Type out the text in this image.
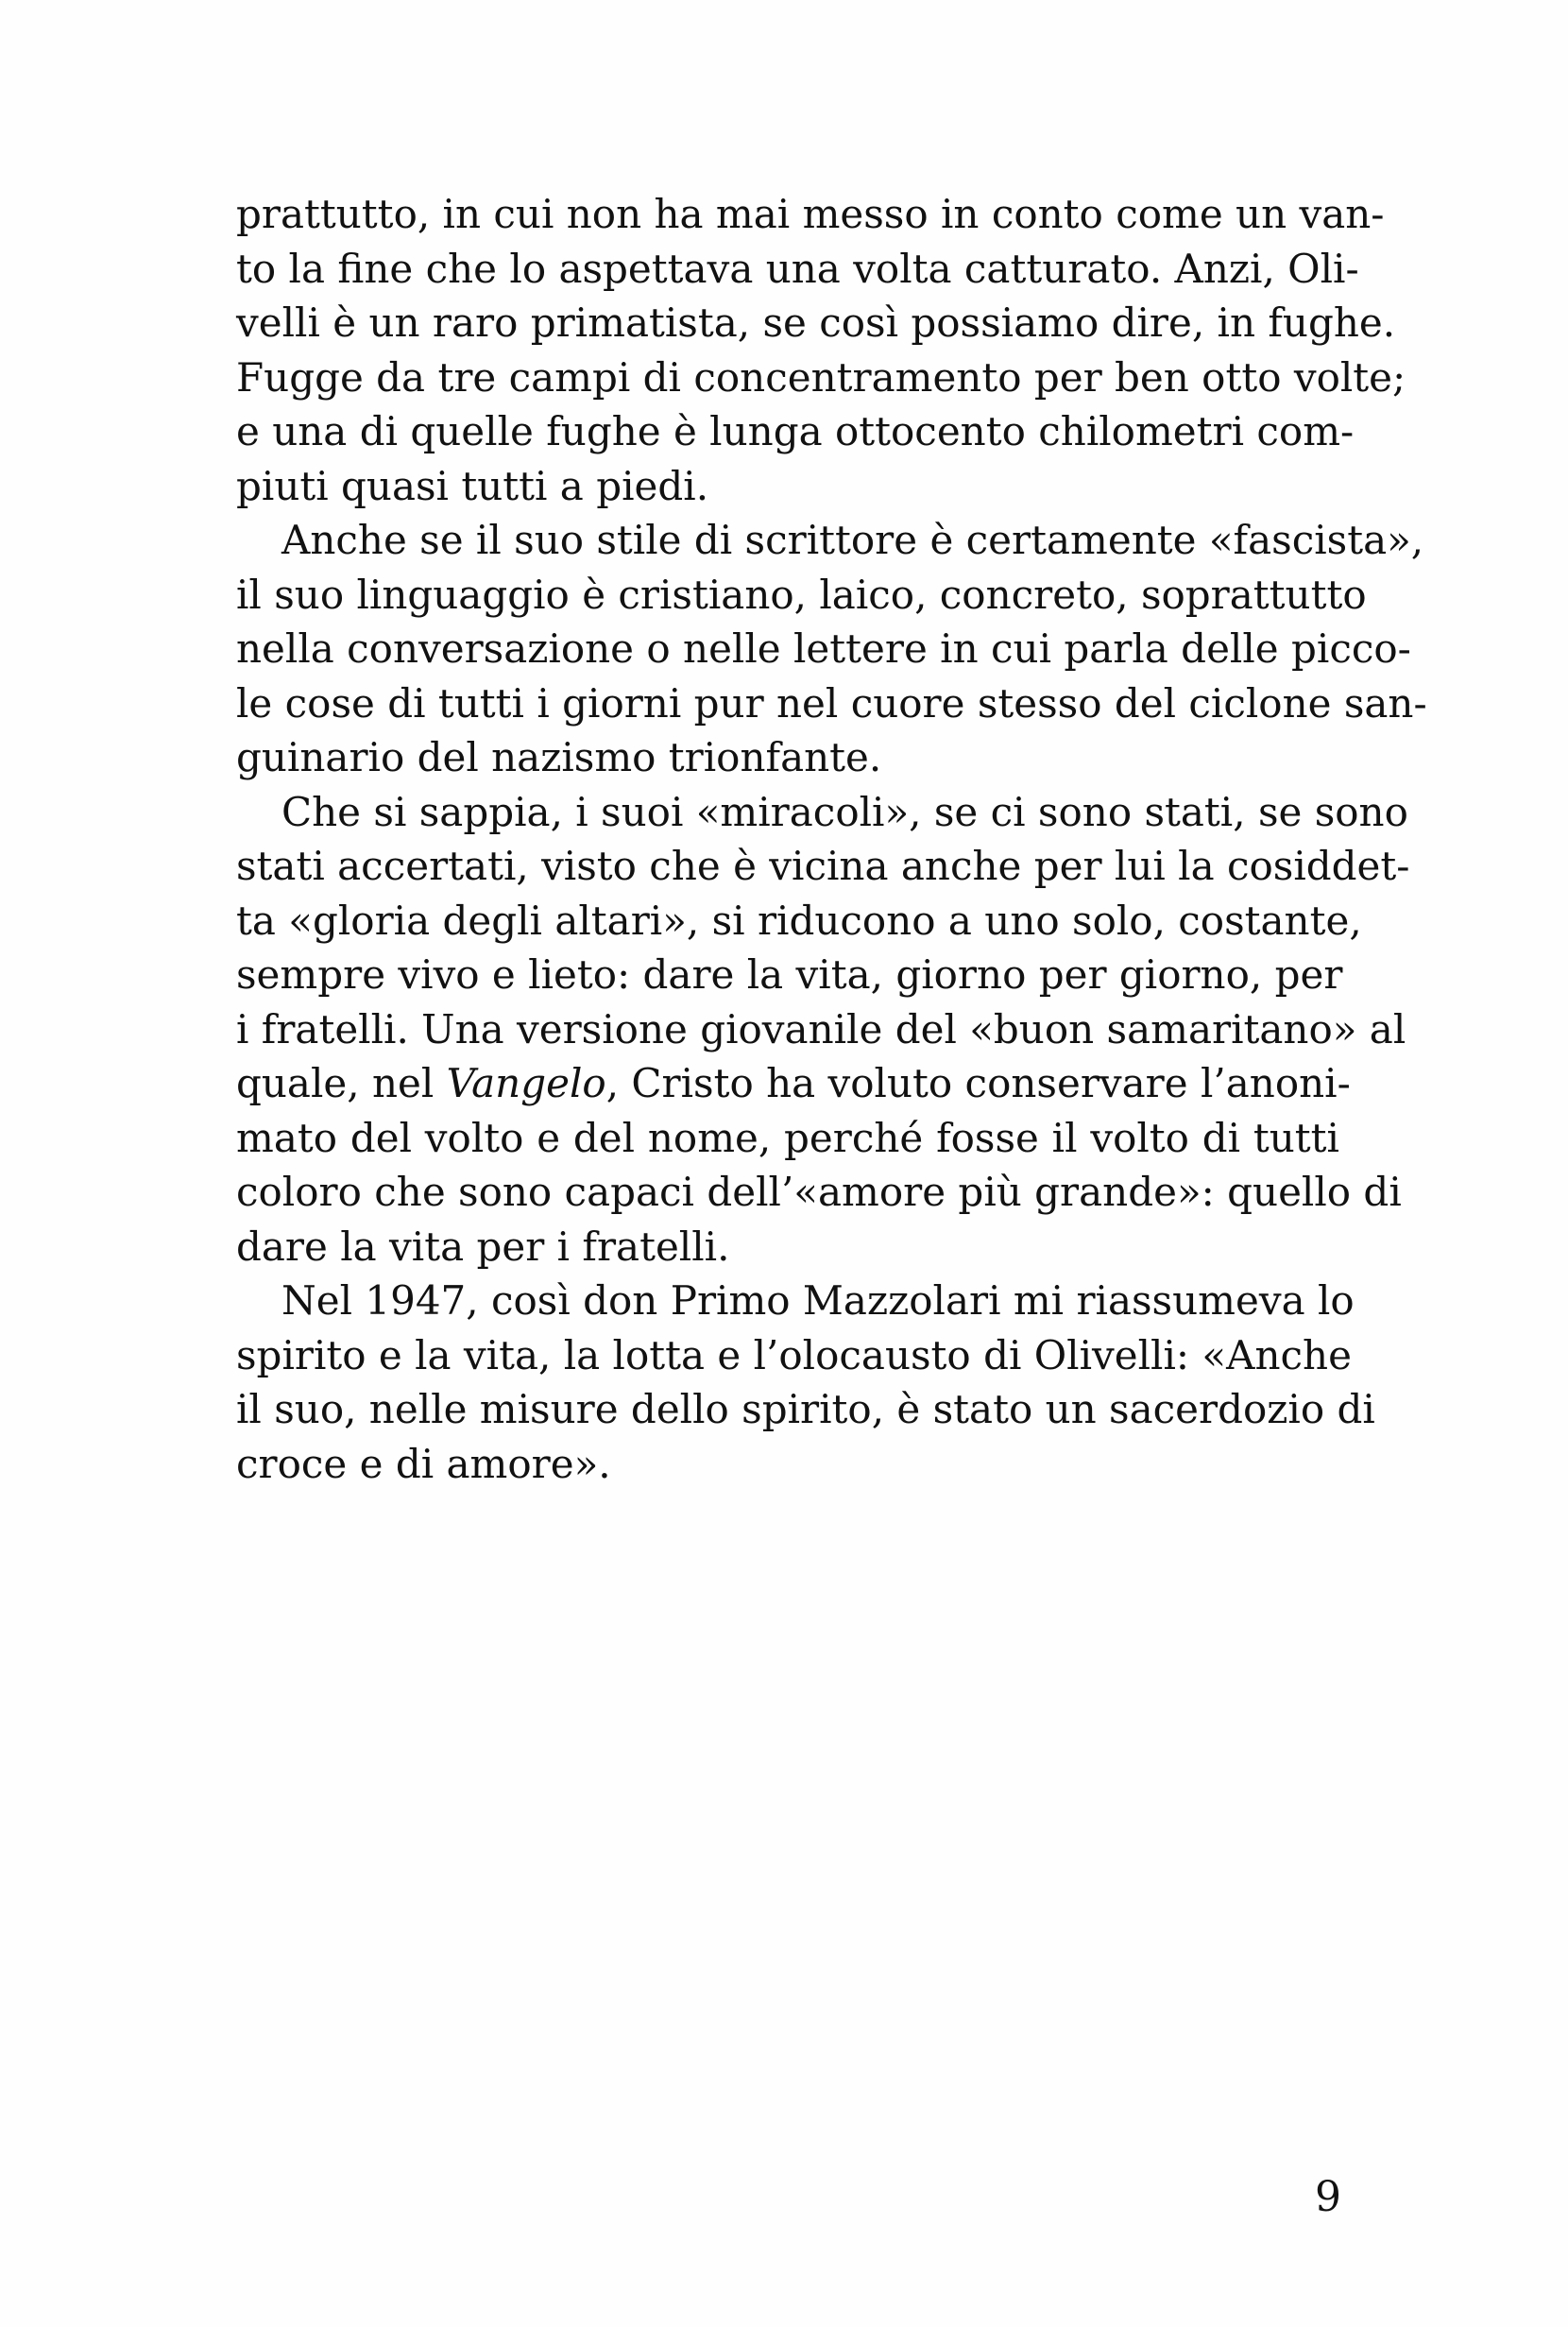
prattutto, in cui non ha mai messo in conto come un van-
to la fine che lo aspettava una volta catturato. Anzi, Oli-
velli è un raro primatista, se così possiamo dire, in fughe.
Fugge da tre campi di concentramento per ben otto volte;
e una di quelle fughe è lunga ottocento chilometri com-
piuti quasi tutti a piedi.

Anche se il suo stile di scrittore è certamente «fascista»,
il suo linguaggio è cristiano, laico, concreto, soprattutto
nella conversazione o nelle lettere in cui parla delle picco-
le cose di tutti i giorni pur nel cuore stesso del ciclone san-
guinario del nazismo trionfante.

Che si sappia, i suoi «miracoli», se ci sono stati, se sono
stati accertati, visto che è vicina anche per lui la cosiddet-
ta «gloria degli altari», si riducono a uno solo, costante,
sempre vivo e lieto: dare la vita, giorno per giorno, per
i fratelli. Una versione giovanile del «buon samaritano» al
quale, nel Vangelo, Cristo ha voluto conservare l’anoni-
mato del volto e del nome, perché fosse il volto di tutti
coloro che sono capaci dell’«amore più grande»: quello di
dare la vita per i fratelli.

Nel 1947, così don Primo Mazzolari mi riassumeva lo
spirito e la vita, la lotta e l’olocausto di Olivelli: «Anche
il suo, nelle misure dello spirito, è stato un sacerdozio di
croce e di amore».

9
